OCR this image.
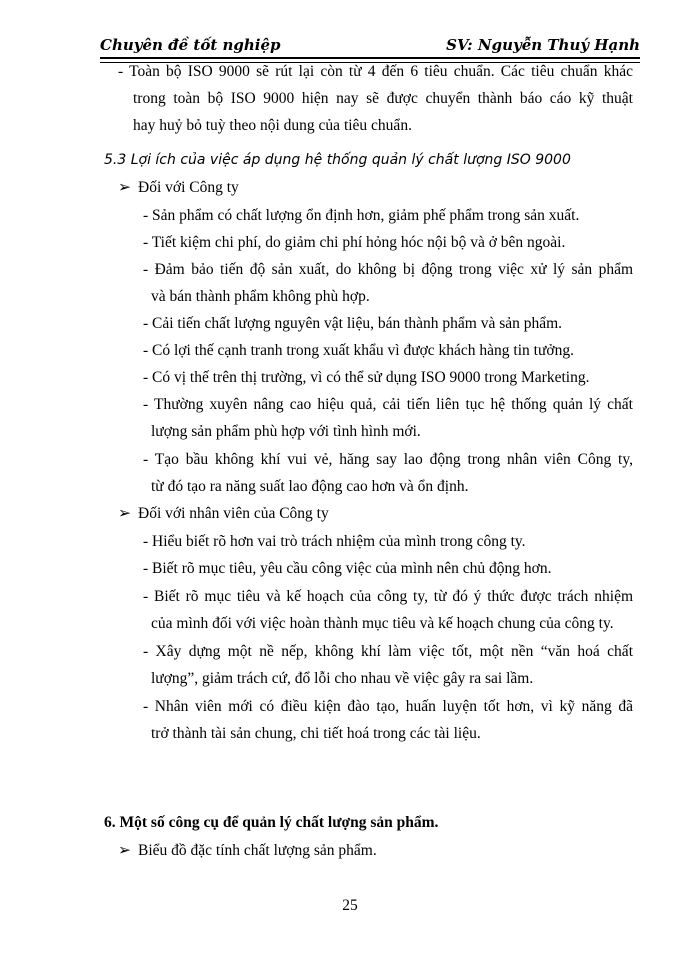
Chuyên đề tốt nghiệp	SV: Nguyễn Thuý Hạnh
- Toàn bộ ISO 9000 sẽ rút lại còn từ 4 đến 6 tiêu chuẩn. Các tiêu chuẩn khác
trong toàn bộ ISO 9000 hiện nay sẽ được chuyển thành báo cáo kỹ thuật
hay huỷ bỏ tuỳ theo nội dung của tiêu chuẩn.
5.3 Lợi ích của việc áp dụng hệ thống quản lý chất lượng ISO 9000
➢ Đối với Công ty
- Sản phẩm có chất lượng ổn định hơn, giảm phế phẩm trong sản xuất.
- Tiết kiệm chi phí, do giảm chi phí hỏng hóc nội bộ và ở bên ngoài.
- Đảm bảo tiến độ sản xuất, do không bị động trong việc xử lý sản phẩm
và bán thành phẩm không phù hợp.
- Cải tiến chất lượng nguyên vật liệu, bán thành phẩm và sản phẩm.
- Có lợi thế cạnh tranh trong xuất khẩu vì được khách hàng tin tưởng.
- Có vị thế trên thị trường, vì có thể sử dụng ISO 9000 trong Marketing.
- Thường xuyên nâng cao hiệu quả, cải tiến liên tục hệ thống quản lý chất
lượng sản phẩm phù hợp với tình hình mới.
- Tạo bầu không khí vui vẻ, hăng say lao động trong nhân viên Công ty,
từ đó tạo ra năng suất lao động cao hơn và ổn định.
➢ Đối với nhân viên của Công ty
- Hiểu biết rõ hơn vai trò trách nhiệm của mình trong công ty.
- Biết rõ mục tiêu, yêu cầu công việc của mình nên chủ động hơn.
- Biết rõ mục tiêu và kế hoạch của công ty, từ đó ý thức được trách nhiệm
của mình đối với việc hoàn thành mục tiêu và kế hoạch chung của công ty.
- Xây dựng một nề nếp, không khí làm việc tốt, một nền “văn hoá chất
lượng”, giảm trách cứ, đổ lỗi cho nhau về việc gây ra sai lầm.
- Nhân viên mới có điều kiện đào tạo, huấn luyện tốt hơn, vì kỹ năng đã
trở thành tài sản chung, chi tiết hoá trong các tài liệu.
6. Một số công cụ để quản lý chất lượng sản phẩm.
➢ Biểu đồ đặc tính chất lượng sản phẩm.
25
